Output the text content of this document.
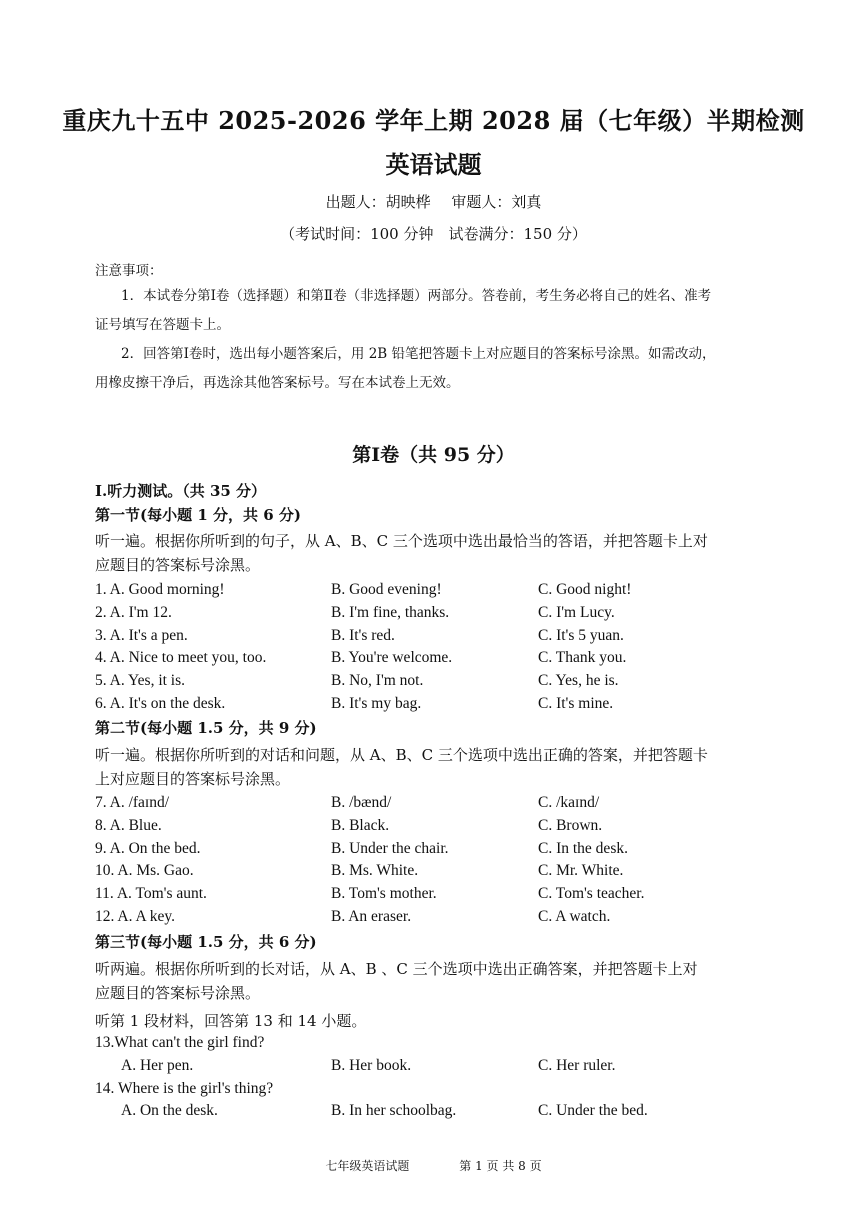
重庆九十五中 2025-2026 学年上期 2028 届（七年级）半期检测
英语试题
出题人：胡映桦 审题人：刘真
（考试时间：100 分钟　试卷满分：150 分）
注意事项：
1．本试卷分第Ⅰ卷（选择题）和第Ⅱ卷（非选择题）两部分。答卷前，考生务必将自己的姓名、准考
证号填写在答题卡上。
2．回答第Ⅰ卷时，选出每小题答案后，用 2B 铅笔把答题卡上对应题目的答案标号涂黑。如需改动，
用橡皮擦干净后，再选涂其他答案标号。写在本试卷上无效。
第Ⅰ卷（共 95 分）
Ⅰ.听力测试。（共 35 分）
第一节(每小题 1 分，共 6 分)
听一遍。根据你所听到的句子，从 A、B、C 三个选项中选出最恰当的答语，并把答题卡上对
应题目的答案标号涂黑。
1. A. Good morning!	B. Good evening!	C. Good night!
2. A. I'm 12.	B. I'm fine, thanks.	C. I'm Lucy.
3. A. It's a pen.	B. It's red.	C. It's 5 yuan.
4. A. Nice to meet you, too.	B. You're welcome.	C. Thank you.
5. A. Yes, it is.	B. No, I'm not.	C. Yes, he is.
6. A. It's on the desk.	B. It's my bag.	C. It's mine.
第二节(每小题 1.5 分，共 9 分)
听一遍。根据你所听到的对话和问题，从 A、B、C 三个选项中选出正确的答案，并把答题卡
上对应题目的答案标号涂黑。
7. A. /faɪnd/	B. /bænd/	C. /kaɪnd/
8. A. Blue.	B. Black.	C. Brown.
9. A. On the bed.	B. Under the chair.	C. In the desk.
10. A. Ms. Gao.	B. Ms. White.	C. Mr. White.
11. A. Tom's aunt.	B. Tom's mother.	C. Tom's teacher.
12. A. A key.	B. An eraser.	C. A watch.
第三节(每小题 1.5 分，共 6 分)
听两遍。根据你所听到的长对话，从 A、B 、C 三个选项中选出正确答案，并把答题卡上对
应题目的答案标号涂黑。
听第 1 段材料，回答第 13 和 14 小题。
13.What can't the girl find?
A. Her pen.	B. Her book.	C. Her ruler.
14. Where is the girl's thing?
A. On the desk.	B. In her schoolbag.	C. Under the bed.
七年级英语试题	第 1 页 共 8 页
